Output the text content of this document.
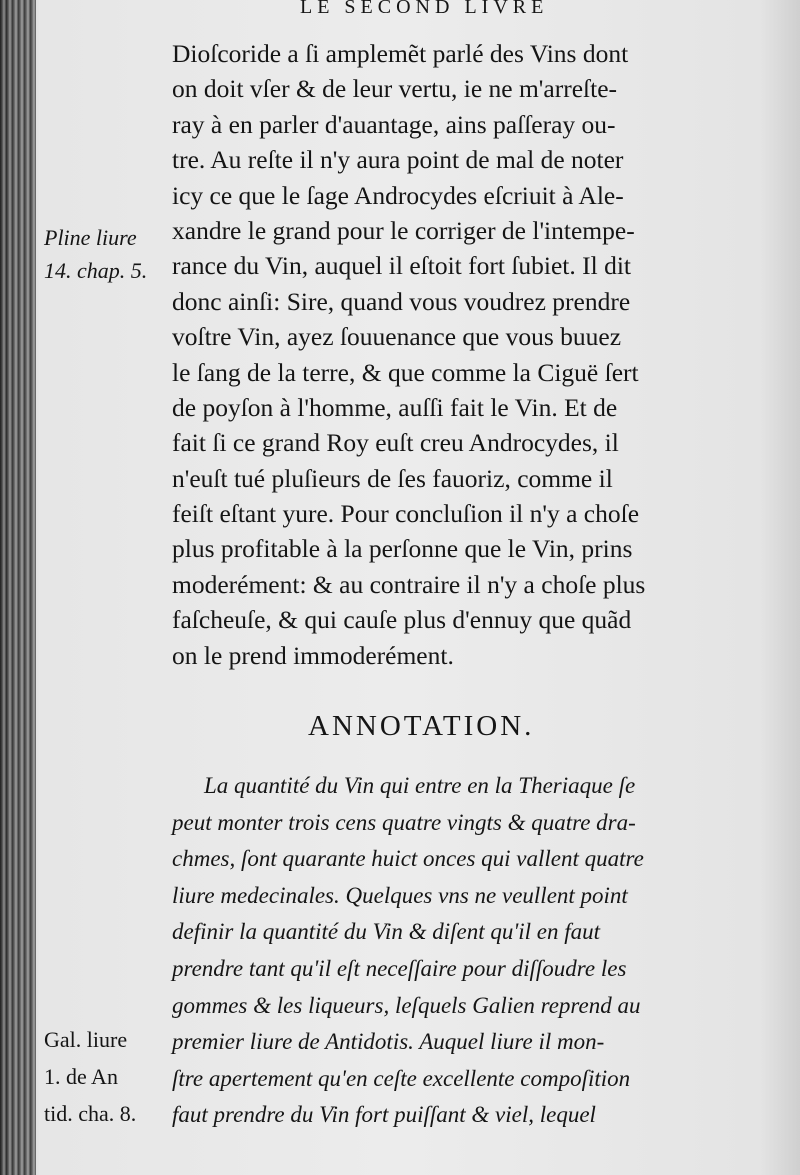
LE SECOND LIVRE
Dioſcoride a ſi amplemẽt parlé des Vins dont
on doit vſer & de leur vertu, ie ne m'arreſte-
ray à en parler d'auantage, ains paſſeray ou-
tre. Au reſte il n'y aura point de mal de noter
icy ce que le ſage Androcydes eſcriuit à Ale-
xandre le grand pour le corriger de l'intempe-
rance du Vin, auquel il eſtoit fort ſubiet. Il dit
donc ainſi: Sire, quand vous voudrez prendre
voſtre Vin, ayez ſouuenance que vous buuez
le ſang de la terre, & que comme la Ciguë ſert
de poyſon à l'homme, auſſi fait le Vin. Et de
fait ſi ce grand Roy euſt creu Androcydes, il
n'euſt tué pluſieurs de ſes fauoriz, comme il
feiſt eſtant yure. Pour concluſion il n'y a choſe
plus profitable à la perſonne que le Vin, prins
moderément: & au contraire il n'y a choſe plus
faſcheuſe, & qui cauſe plus d'ennuy que quãd
on le prend immoderément.
ANNOTATION.
La quantité du Vin qui entre en la Theriaque ſe
peut monter trois cens quatre vingts & quatre dra-
chmes, ſont quarante huict onces qui vallent quatre
liure medecinales. Quelques vns ne veullent point
definir la quantité du Vin & diſent qu'il en faut
prendre tant qu'il eſt neceſſaire pour diſſoudre les
gommes & les liqueurs, leſquels Galien reprend au
premier liure de Antidotis. Auquel liure il mon-
ſtre apertement qu'en ceſte excellente compoſition
faut prendre du Vin fort puiſſant & viel, lequel
Pline liure
14. chap. 5.
Gal. liure
1. de An
tid. cha. 8.
